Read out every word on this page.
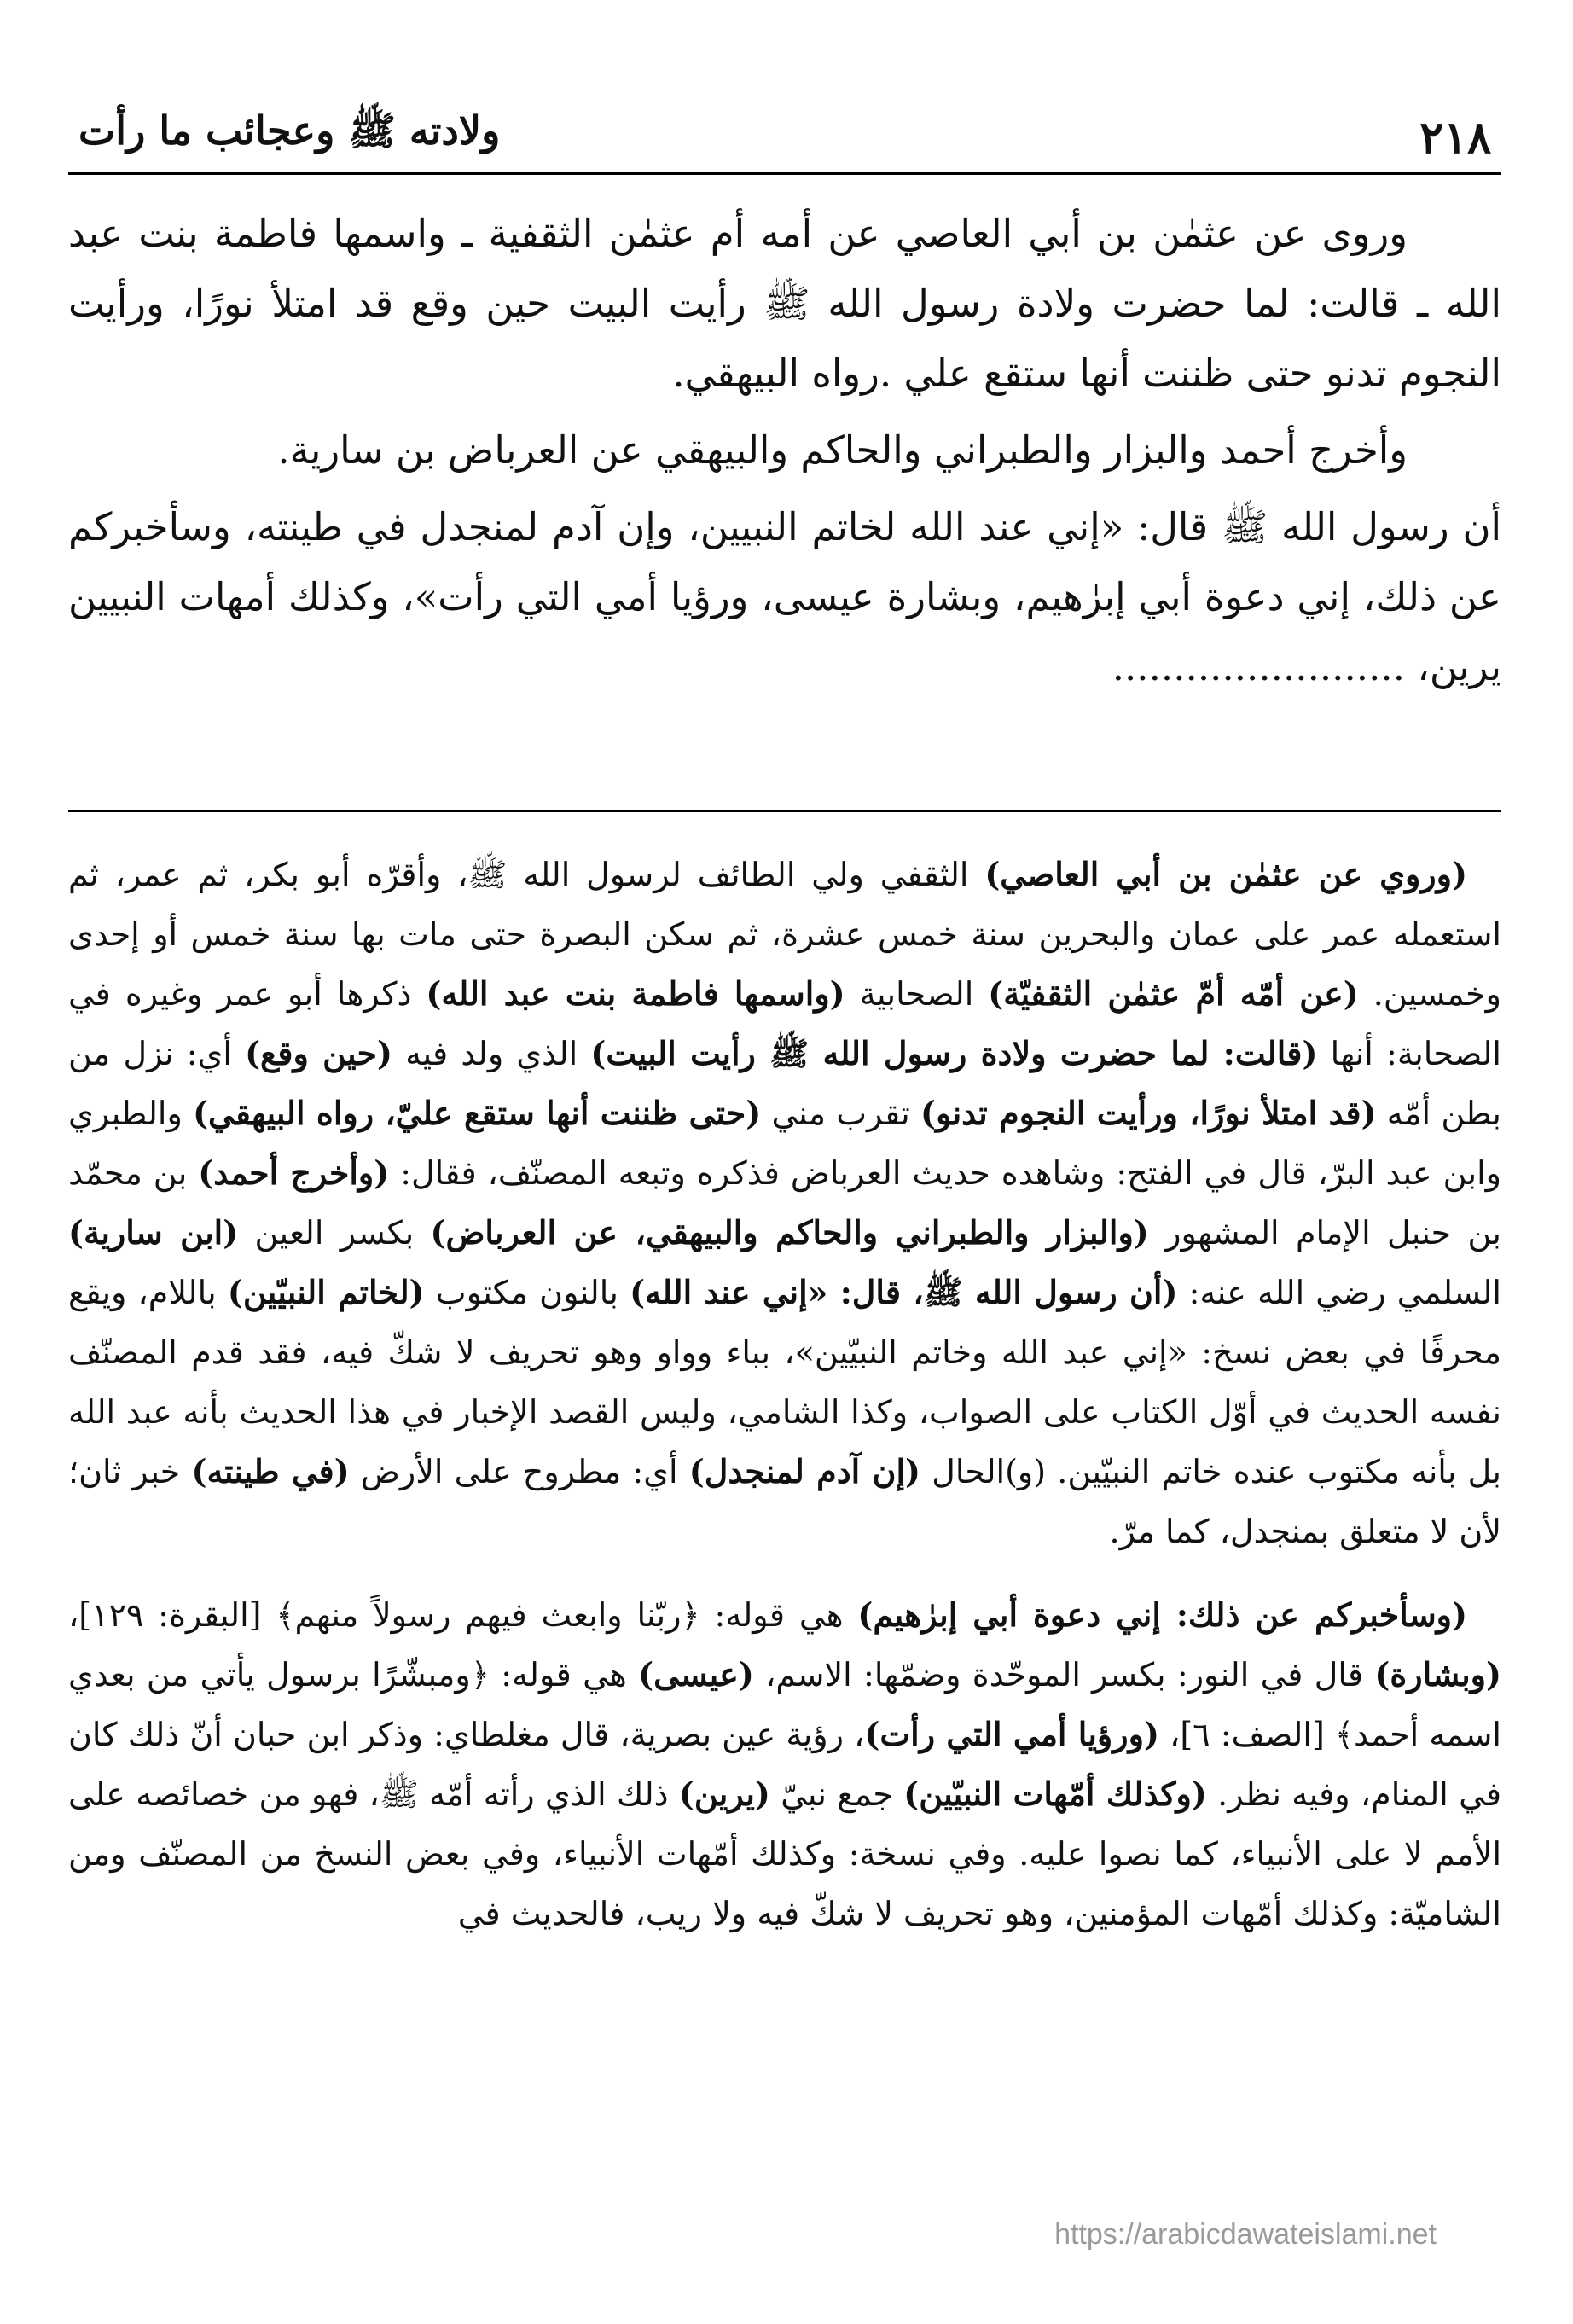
٢١٨
ولادته ﷺ وعجائب ما رأت

وروى عن عثمٰن بن أبي العاصي عن أمه أم عثمٰن الثقفية ـ واسمها فاطمة بنت عبد الله ـ قالت: لما حضرت ولادة رسول الله ﷺ رأيت البيت حين وقع قد امتلأ نورًا، ورأيت النجوم تدنو حتى ظننت أنها ستقع علي .رواه البيهقي.

وأخرج أحمد والبزار والطبراني والحاكم والبيهقي عن العرباض بن سارية.

أن رسول الله ﷺ قال: «إني عند الله لخاتم النبيين، وإن آدم لمنجدل في طينته، وسأخبركم عن ذلك، إني دعوة أبي إبرٰهيم، وبشارة عيسى، ورؤيا أمي التي رأت»، وكذلك أمهات النبيين يرين، ........................

(وروي عن عثمٰن بن أبي العاصي) الثقفي ولي الطائف لرسول الله ﷺ، وأقرّه أبو بكر، ثم عمر، ثم استعمله عمر على عمان والبحرين سنة خمس عشرة، ثم سكن البصرة حتى مات بها سنة خمس أو إحدى وخمسين. (عن أمّه أمّ عثمٰن الثقفيّة) الصحابية (واسمها فاطمة بنت عبد الله) ذكرها أبو عمر وغيره في الصحابة: أنها (قالت: لما حضرت ولادة رسول الله ﷺ رأيت البيت) الذي ولد فيه (حين وقع) أي: نزل من بطن أمّه (قد امتلأ نورًا، ورأيت النجوم تدنو) تقرب مني (حتى ظننت أنها ستقع عليّ، رواه البيهقي) والطبري وابن عبد البرّ، قال في الفتح: وشاهده حديث العرباض فذكره وتبعه المصنّف، فقال: (وأخرج أحمد) بن محمّد بن حنبل الإمام المشهور (والبزار والطبراني والحاكم والبيهقي، عن العرباض) بكسر العين (ابن سارية) السلمي رضي الله عنه: (أن رسول الله ﷺ، قال: «إني عند الله) بالنون مكتوب (لخاتم النبيّين) باللام، ويقع محرفًا في بعض نسخ: «إني عبد الله وخاتم النبيّين»، بباء وواو وهو تحريف لا شكّ فيه، فقد قدم المصنّف نفسه الحديث في أوّل الكتاب على الصواب، وكذا الشامي، وليس القصد الإخبار في هذا الحديث بأنه عبد الله بل بأنه مكتوب عنده خاتم النبيّين. (و)الحال (إن آدم لمنجدل) أي: مطروح على الأرض (في طينته) خبر ثان؛ لأن لا متعلق بمنجدل، كما مرّ.

(وسأخبركم عن ذلك: إني دعوة أبي إبرٰهيم) هي قوله: ﴿ربّنا وابعث فيهم رسولاً منهم﴾ [البقرة: ١٢٩]، (وبشارة) قال في النور: بكسر الموحّدة وضمّها: الاسم، (عيسى) هي قوله: ﴿ومبشّرًا برسول يأتي من بعدي اسمه أحمد﴾ [الصف: ٦]، (ورؤيا أمي التي رأت)، رؤية عين بصرية، قال مغلطاي: وذكر ابن حبان أنّ ذلك كان في المنام، وفيه نظر. (وكذلك أمّهات النبيّين) جمع نبيّ (يرين) ذلك الذي رأته أمّه ﷺ، فهو من خصائصه على الأمم لا على الأنبياء، كما نصوا عليه. وفي نسخة: وكذلك أمّهات الأنبياء، وفي بعض النسخ من المصنّف ومن الشاميّة: وكذلك أمّهات المؤمنين، وهو تحريف لا شكّ فيه ولا ريب، فالحديث في

https://arabicdawateislami.net
